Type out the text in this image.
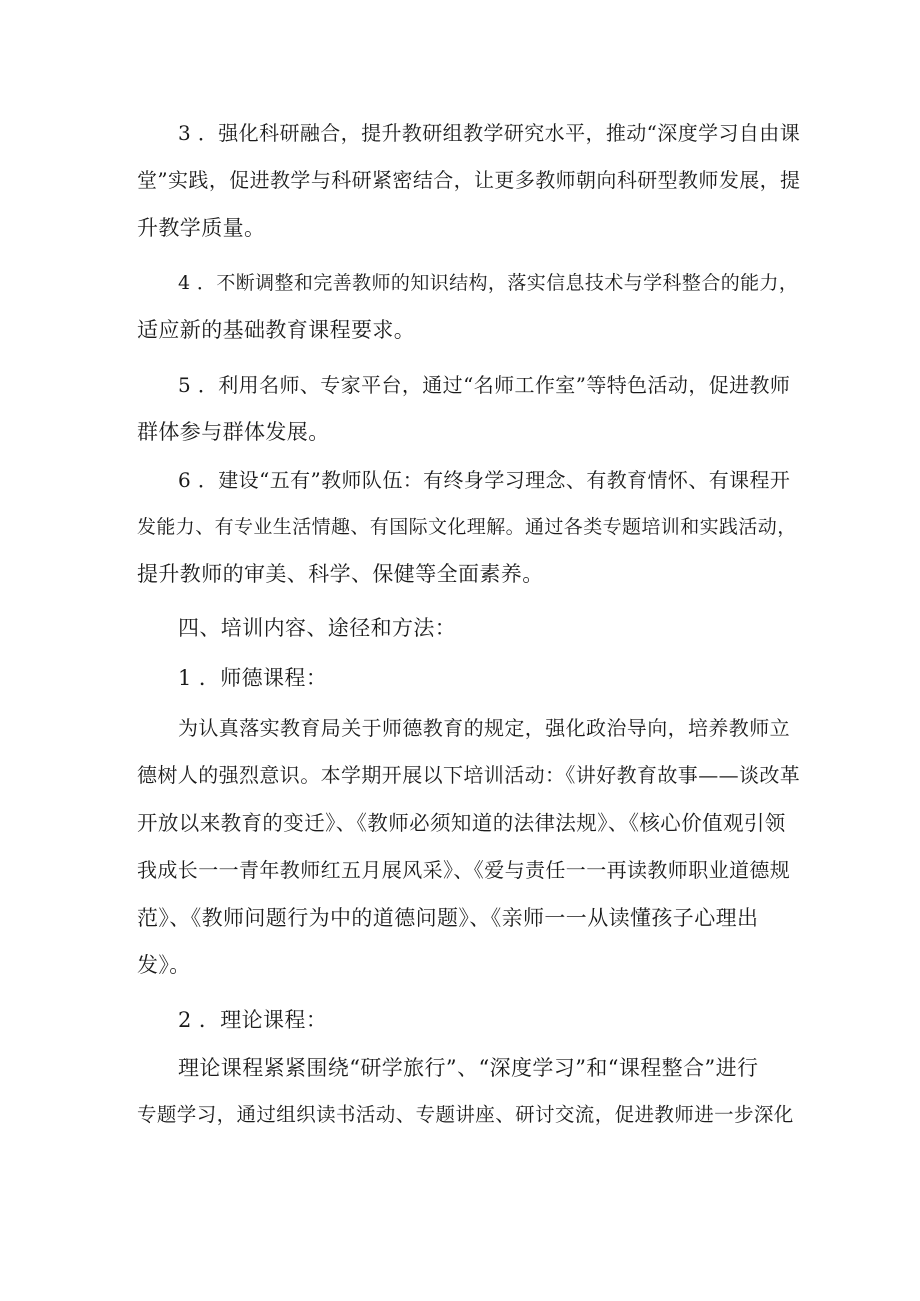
3 ．强化科研融合，提升教研组教学研究水平，推动“深度学习自由课
堂”实践，促进教学与科研紧密结合，让更多教师朝向科研型教师发展，提
升教学质量。
4 ．不断调整和完善教师的知识结构，落实信息技术与学科整合的能力，
适应新的基础教育课程要求。
5 ．利用名师、专家平台，通过“名师工作室”等特色活动，促进教师
群体参与群体发展。
6 ．建设“五有”教师队伍：有终身学习理念、有教育情怀、有课程开
发能力、有专业生活情趣、有国际文化理解。通过各类专题培训和实践活动，
提升教师的审美、科学、保健等全面素养。
四、培训内容、途径和方法：
1 ．师德课程：
为认真落实教育局关于师德教育的规定，强化政治导向，培养教师立
德树人的强烈意识。本学期开展以下培训活动：《讲好教育故事——谈改革
开放以来教育的变迁》、《教师必须知道的法律法规》、《核心价值观引领
我成长一一青年教师红五月展风采》、《爱与责任一一再读教师职业道德规
范》、《教师问题行为中的道德问题》、《亲师一一从读懂孩子心理出
发》。
2 ．理论课程：
理论课程紧紧围绕“研学旅行”、“深度学习”和“课程整合”进行
专题学习，通过组织读书活动、专题讲座、研讨交流，促进教师进一步深化
